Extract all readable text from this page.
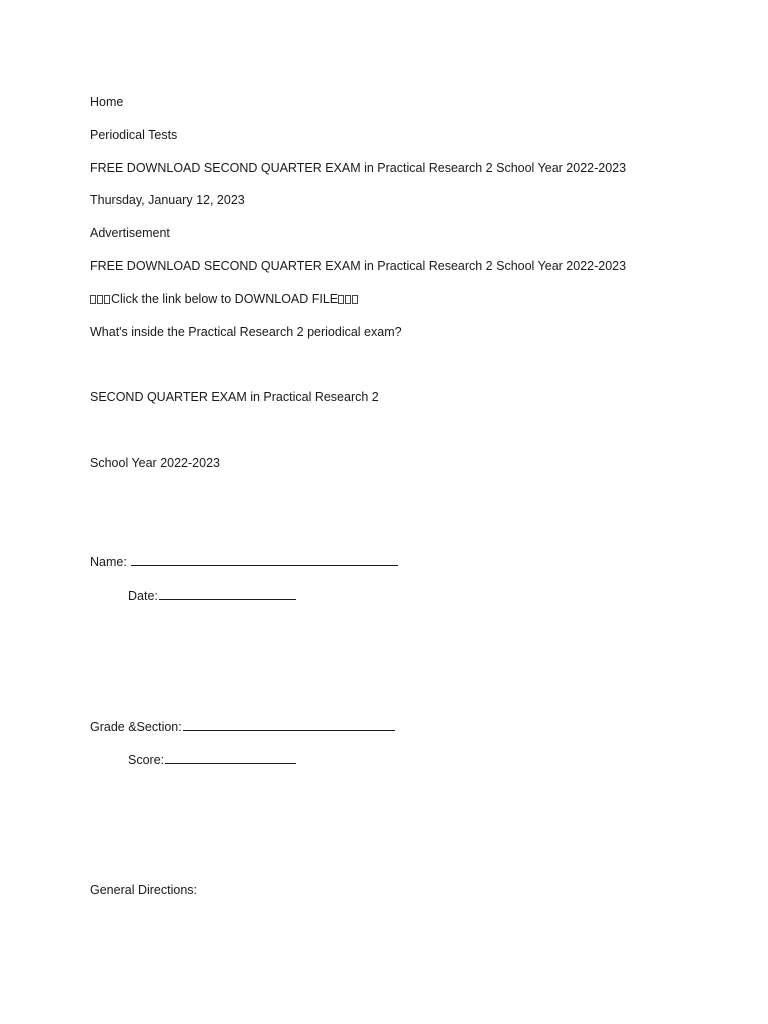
Home
Periodical Tests
FREE DOWNLOAD SECOND QUARTER EXAM in Practical Research 2 School Year 2022-2023
Thursday, January 12, 2023
Advertisement
FREE DOWNLOAD SECOND QUARTER EXAM in Practical Research 2 School Year 2022-2023
Click the link below to DOWNLOAD FILE
What's inside the Practical Research 2 periodical exam?
SECOND QUARTER EXAM in Practical Research 2
School Year 2022-2023
Name:
Date:
Grade &Section:
Score:
General Directions:
